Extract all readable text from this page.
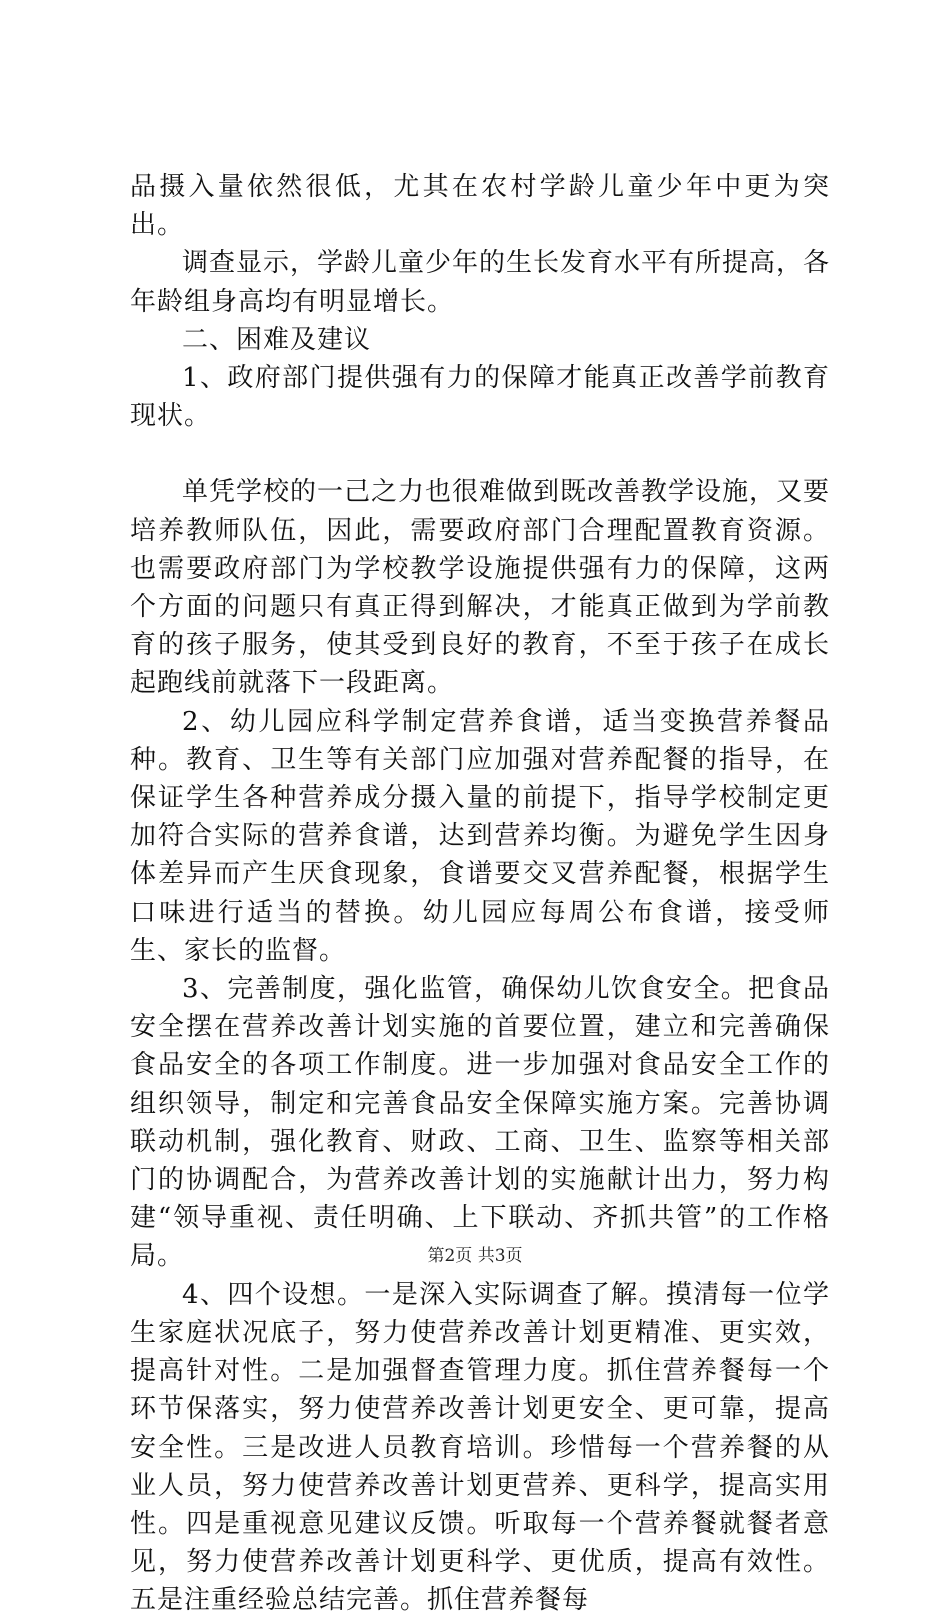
品摄入量依然很低，尤其在农村学龄儿童少年中更为突出。

调查显示，学龄儿童少年的生长发育水平有所提高，各年龄组身高均有明显增长。

二、困难及建议

1、政府部门提供强有力的保障才能真正改善学前教育现状。

单凭学校的一己之力也很难做到既改善教学设施，又要培养教师队伍，因此，需要政府部门合理配置教育资源。也需要政府部门为学校教学设施提供强有力的保障，这两个方面的问题只有真正得到解决，才能真正做到为学前教育的孩子服务，使其受到良好的教育，不至于孩子在成长起跑线前就落下一段距离。

2、幼儿园应科学制定营养食谱，适当变换营养餐品种。教育、卫生等有关部门应加强对营养配餐的指导，在保证学生各种营养成分摄入量的前提下，指导学校制定更加符合实际的营养食谱，达到营养均衡。为避免学生因身体差异而产生厌食现象，食谱要交叉营养配餐，根据学生口味进行适当的替换。幼儿园应每周公布食谱，接受师生、家长的监督。

3、完善制度，强化监管，确保幼儿饮食安全。把食品安全摆在营养改善计划实施的首要位置，建立和完善确保食品安全的各项工作制度。进一步加强对食品安全工作的组织领导，制定和完善食品安全保障实施方案。完善协调联动机制，强化教育、财政、工商、卫生、监察等相关部门的协调配合，为营养改善计划的实施献计出力，努力构建“领导重视、责任明确、上下联动、齐抓共管”的工作格局。

4、四个设想。一是深入实际调查了解。摸清每一位学生家庭状况底子，努力使营养改善计划更精准、更实效，提高针对性。二是加强督查管理力度。抓住营养餐每一个环节保落实，努力使营养改善计划更安全、更可靠，提高安全性。三是改进人员教育培训。珍惜每一个营养餐的从业人员，努力使营养改善计划更营养、更科学，提高实用性。四是重视意见建议反馈。听取每一个营养餐就餐者意见，努力使营养改善计划更科学、更优质，提高有效性。五是注重经验总结完善。抓住营养餐每

第2页 共3页
